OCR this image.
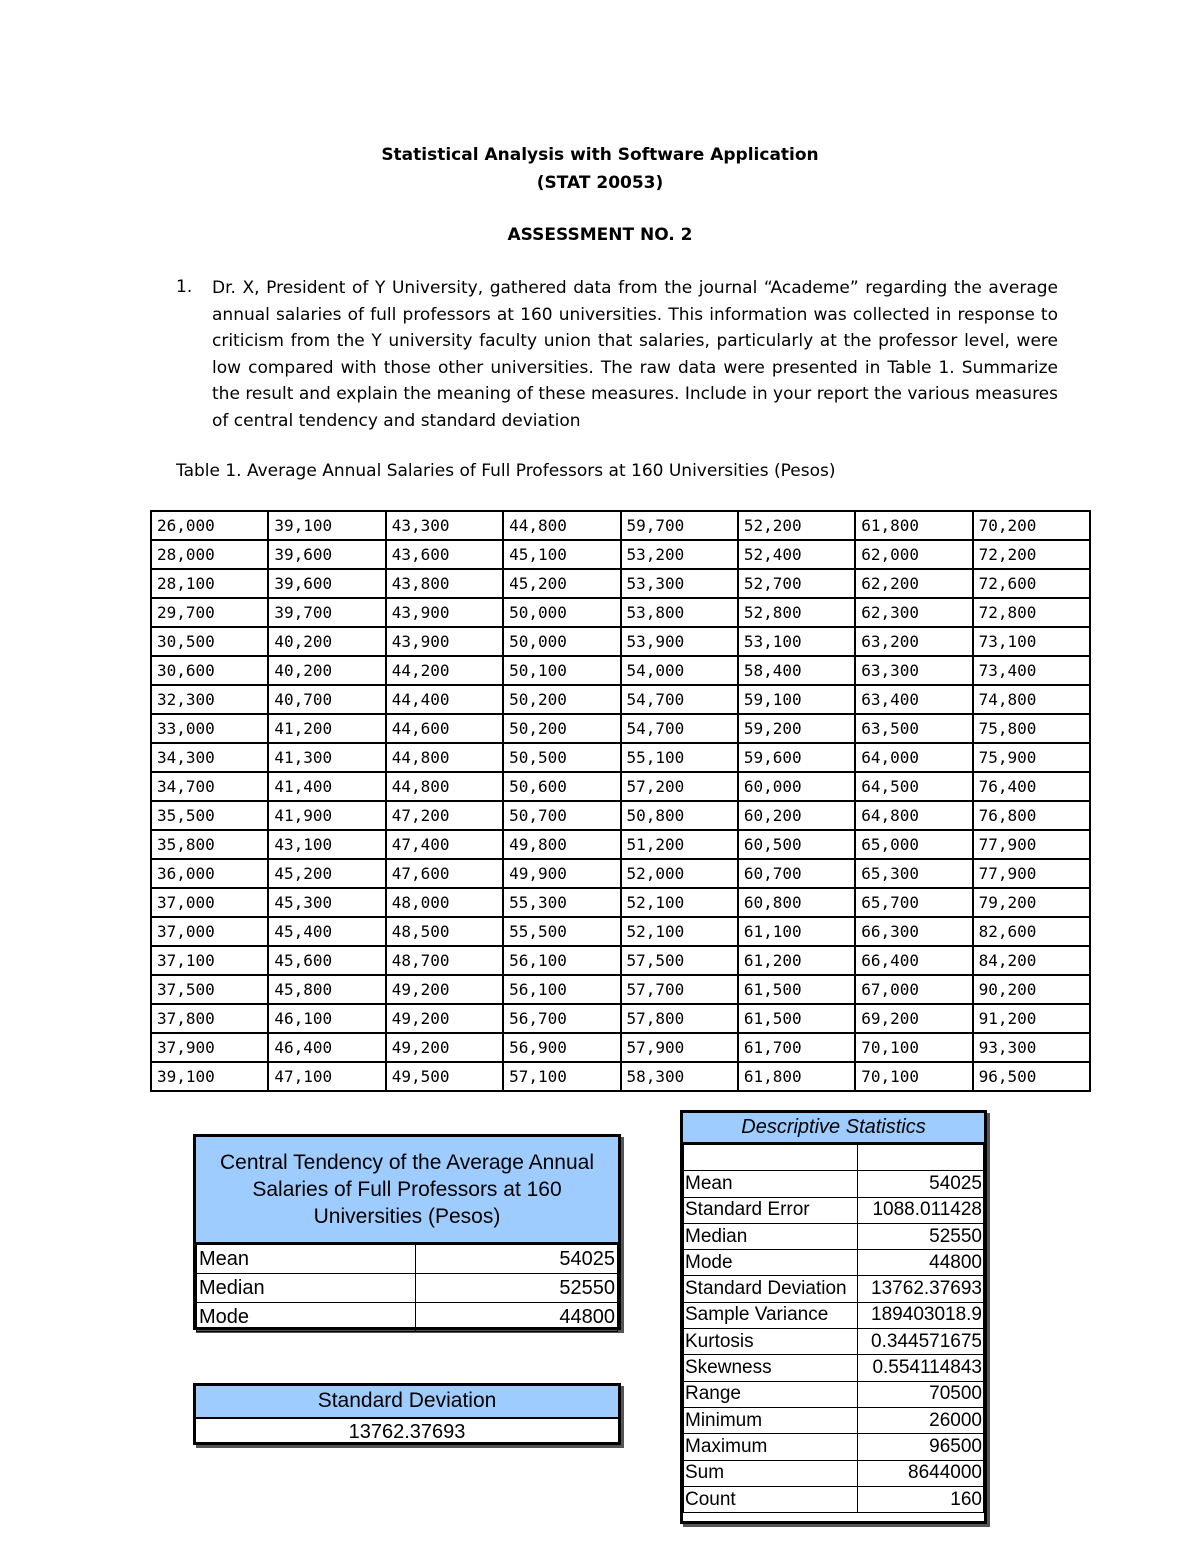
Statistical Analysis with Software Application
(STAT 20053)
ASSESSMENT NO. 2
1. Dr. X, President of Y University, gathered data from the journal “Academe” regarding the average annual salaries of full professors at 160 universities. This information was collected in response to criticism from the Y university faculty union that salaries, particularly at the professor level, were low compared with those other universities. The raw data were presented in Table 1. Summarize the result and explain the meaning of these measures. Include in your report the various measures of central tendency and standard deviation
Table 1. Average Annual Salaries of Full Professors at 160 Universities (Pesos)
26,000	39,100	43,300	44,800	59,700	52,200	61,800	70,200
28,000	39,600	43,600	45,100	53,200	52,400	62,000	72,200
28,100	39,600	43,800	45,200	53,300	52,700	62,200	72,600
29,700	39,700	43,900	50,000	53,800	52,800	62,300	72,800
30,500	40,200	43,900	50,000	53,900	53,100	63,200	73,100
30,600	40,200	44,200	50,100	54,000	58,400	63,300	73,400
32,300	40,700	44,400	50,200	54,700	59,100	63,400	74,800
33,000	41,200	44,600	50,200	54,700	59,200	63,500	75,800
34,300	41,300	44,800	50,500	55,100	59,600	64,000	75,900
34,700	41,400	44,800	50,600	57,200	60,000	64,500	76,400
35,500	41,900	47,200	50,700	50,800	60,200	64,800	76,800
35,800	43,100	47,400	49,800	51,200	60,500	65,000	77,900
36,000	45,200	47,600	49,900	52,000	60,700	65,300	77,900
37,000	45,300	48,000	55,300	52,100	60,800	65,700	79,200
37,000	45,400	48,500	55,500	52,100	61,100	66,300	82,600
37,100	45,600	48,700	56,100	57,500	61,200	66,400	84,200
37,500	45,800	49,200	56,100	57,700	61,500	67,000	90,200
37,800	46,100	49,200	56,700	57,800	61,500	69,200	91,200
37,900	46,400	49,200	56,900	57,900	61,700	70,100	93,300
39,100	47,100	49,500	57,100	58,300	61,800	70,100	96,500
Central Tendency of the Average Annual Salaries of Full Professors at 160 Universities (Pesos)
Mean	54025
Median	52550
Mode	44800
Standard Deviation
13762.37693
Descriptive Statistics

Mean	54025
Standard Error	1088.011428
Median	52550
Mode	44800
Standard Deviation	13762.37693
Sample Variance	189403018.9
Kurtosis	0.344571675
Skewness	0.554114843
Range	70500
Minimum	26000
Maximum	96500
Sum	8644000
Count	160
